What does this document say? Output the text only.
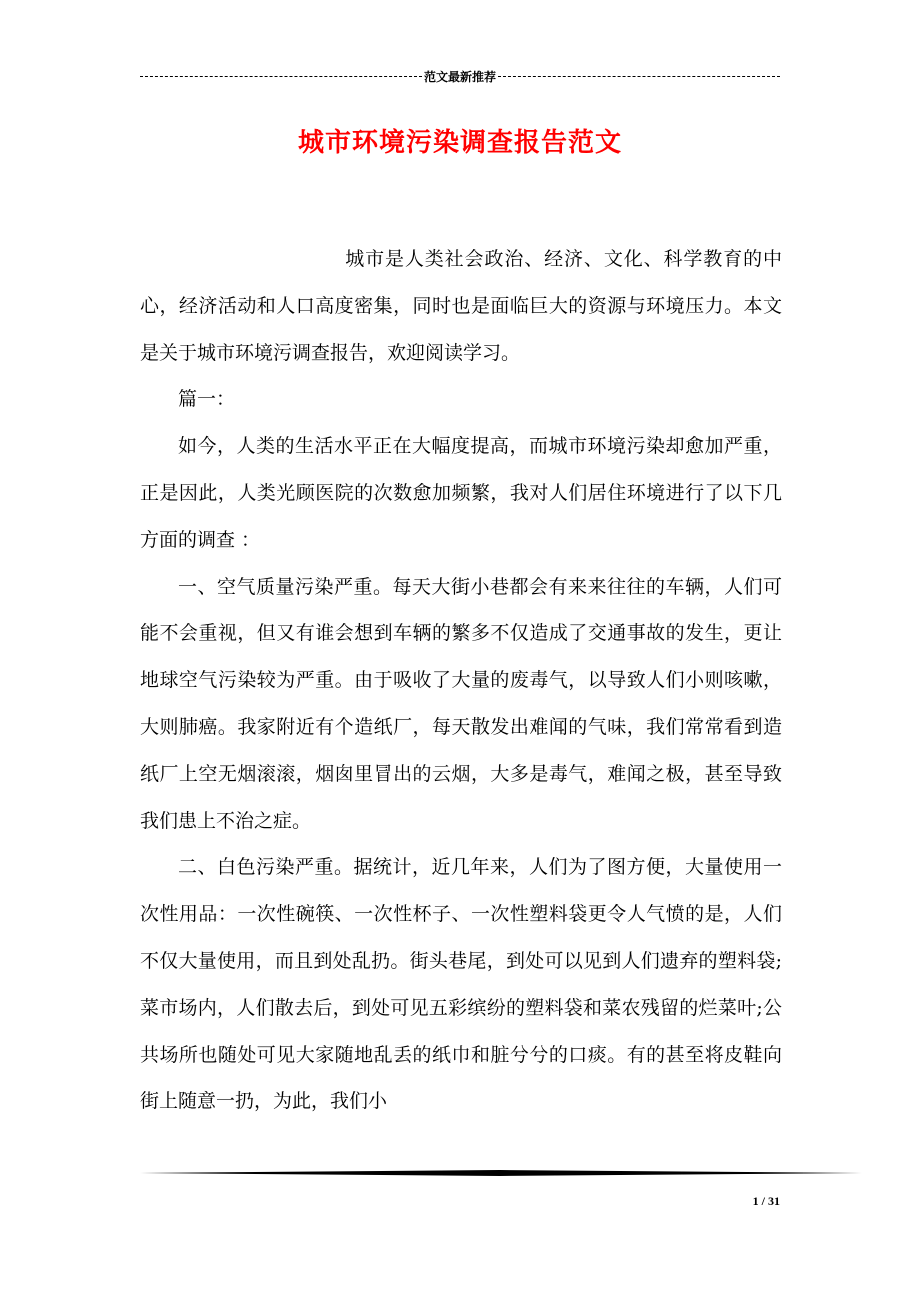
范文最新推荐
城市环境污染调查报告范文

城市是人类社会政治、经济、文化、科学教育的中心，经济活动和人口高度密集，同时也是面临巨大的资源与环境压力。本文是关于城市环境污调查报告，欢迎阅读学习。

篇一：

如今，人类的生活水平正在大幅度提高，而城市环境污染却愈加严重，正是因此，人类光顾医院的次数愈加频繁，我对人们居住环境进行了以下几方面的调查 ：

一、空气质量污染严重。每天大街小巷都会有来来往往的车辆，人们可能不会重视，但又有谁会想到车辆的繁多不仅造成了交通事故的发生，更让地球空气污染较为严重。由于吸收了大量的废毒气，以导致人们小则咳嗽，大则肺癌。我家附近有个造纸厂，每天散发出难闻的气味，我们常常看到造纸厂上空无烟滚滚，烟囱里冒出的云烟，大多是毒气，难闻之极，甚至导致我们患上不治之症。

二、白色污染严重。据统计，近几年来，人们为了图方便，大量使用一次性用品：一次性碗筷、一次性杯子、一次性塑料袋更令人气愤的是，人们不仅大量使用，而且到处乱扔。街头巷尾，到处可以见到人们遗弃的塑料袋;菜市场内，人们散去后，到处可见五彩缤纷的塑料袋和菜农残留的烂菜叶;公共场所也随处可见大家随地乱丢的纸巾和脏兮兮的口痰。有的甚至将皮鞋向街上随意一扔，为此，我们小

1 / 31
